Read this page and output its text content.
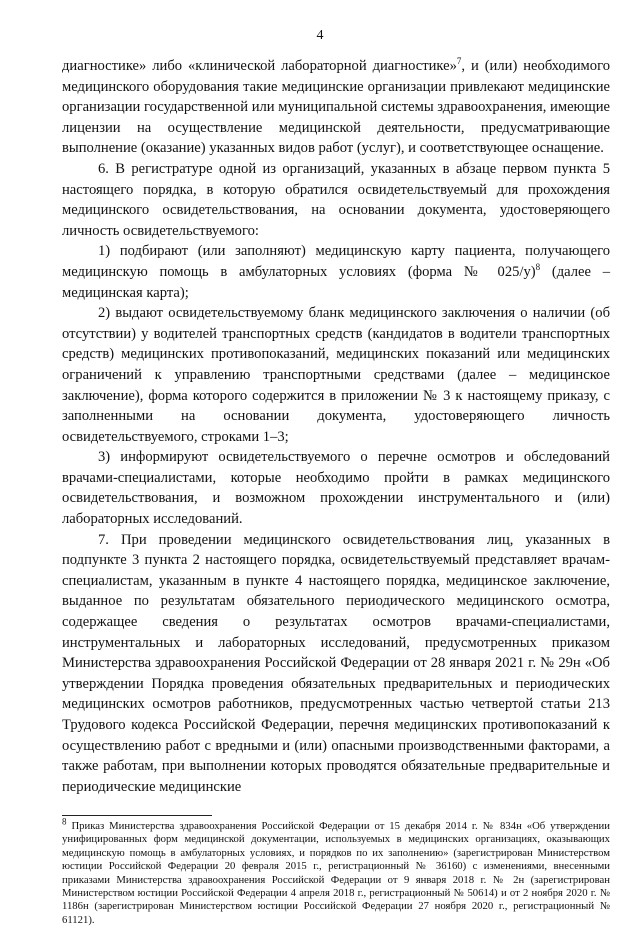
4

диагностике» либо «клинической лабораторной диагностике»$^7$, и (или) необходимого медицинского оборудования такие медицинские организации привлекают медицинские организации государственной или муниципальной системы здравоохранения, имеющие лицензии на осуществление медицинской деятельности, предусматривающие выполнение (оказание) указанных видов работ (услуг), и соответствующее оснащение.

6. В регистратуре одной из организаций, указанных в абзаце первом пункта 5 настоящего порядка, в которую обратился освидетельствуемый для прохождения медицинского освидетельствования, на основании документа, удостоверяющего личность освидетельствуемого:

1) подбирают (или заполняют) медицинскую карту пациента, получающего медицинскую помощь в амбулаторных условиях (форма № 025/у)$^8$ (далее – медицинская карта);

2) выдают освидетельствуемому бланк медицинского заключения о наличии (об отсутствии) у водителей транспортных средств (кандидатов в водители транспортных средств) медицинских противопоказаний, медицинских показаний или медицинских ограничений к управлению транспортными средствами (далее – медицинское заключение), форма которого содержится в приложении № 3 к настоящему приказу, с заполненными на основании документа, удостоверяющего личность освидетельствуемого, строками 1–3;

3) информируют освидетельствуемого о перечне осмотров и обследований врачами-специалистами, которые необходимо пройти в рамках медицинского освидетельствования, и возможном прохождении инструментального и (или) лабораторных исследований.

7. При проведении медицинского освидетельствования лиц, указанных в подпункте 3 пункта 2 настоящего порядка, освидетельствуемый представляет врачам-специалистам, указанным в пункте 4 настоящего порядка, медицинское заключение, выданное по результатам обязательного периодического медицинского осмотра, содержащее сведения о результатах осмотров врачами-специалистами, инструментальных и лабораторных исследований, предусмотренных приказом Министерства здравоохранения Российской Федерации от 28 января 2021 г. № 29н «Об утверждении Порядка проведения обязательных предварительных и периодических медицинских осмотров работников, предусмотренных частью четвертой статьи 213 Трудового кодекса Российской Федерации, перечня медицинских противопоказаний к осуществлению работ с вредными и (или) опасными производственными факторами, а также работам, при выполнении которых проводятся обязательные предварительные и периодические медицинские

$^8$ Приказ Министерства здравоохранения Российской Федерации от 15 декабря 2014 г. № 834н «Об утверждении унифицированных форм медицинской документации, используемых в медицинских организациях, оказывающих медицинскую помощь в амбулаторных условиях, и порядков по их заполнению» (зарегистрирован Министерством юстиции Российской Федерации 20 февраля 2015 г., регистрационный № 36160) с изменениями, внесенными приказами Министерства здравоохранения Российской Федерации от 9 января 2018 г. № 2н (зарегистрирован Министерством юстиции Российской Федерации 4 апреля 2018 г., регистрационный № 50614) и от 2 ноября 2020 г. № 1186н (зарегистрирован Министерством юстиции Российской Федерации 27 ноября 2020 г., регистрационный № 61121).
